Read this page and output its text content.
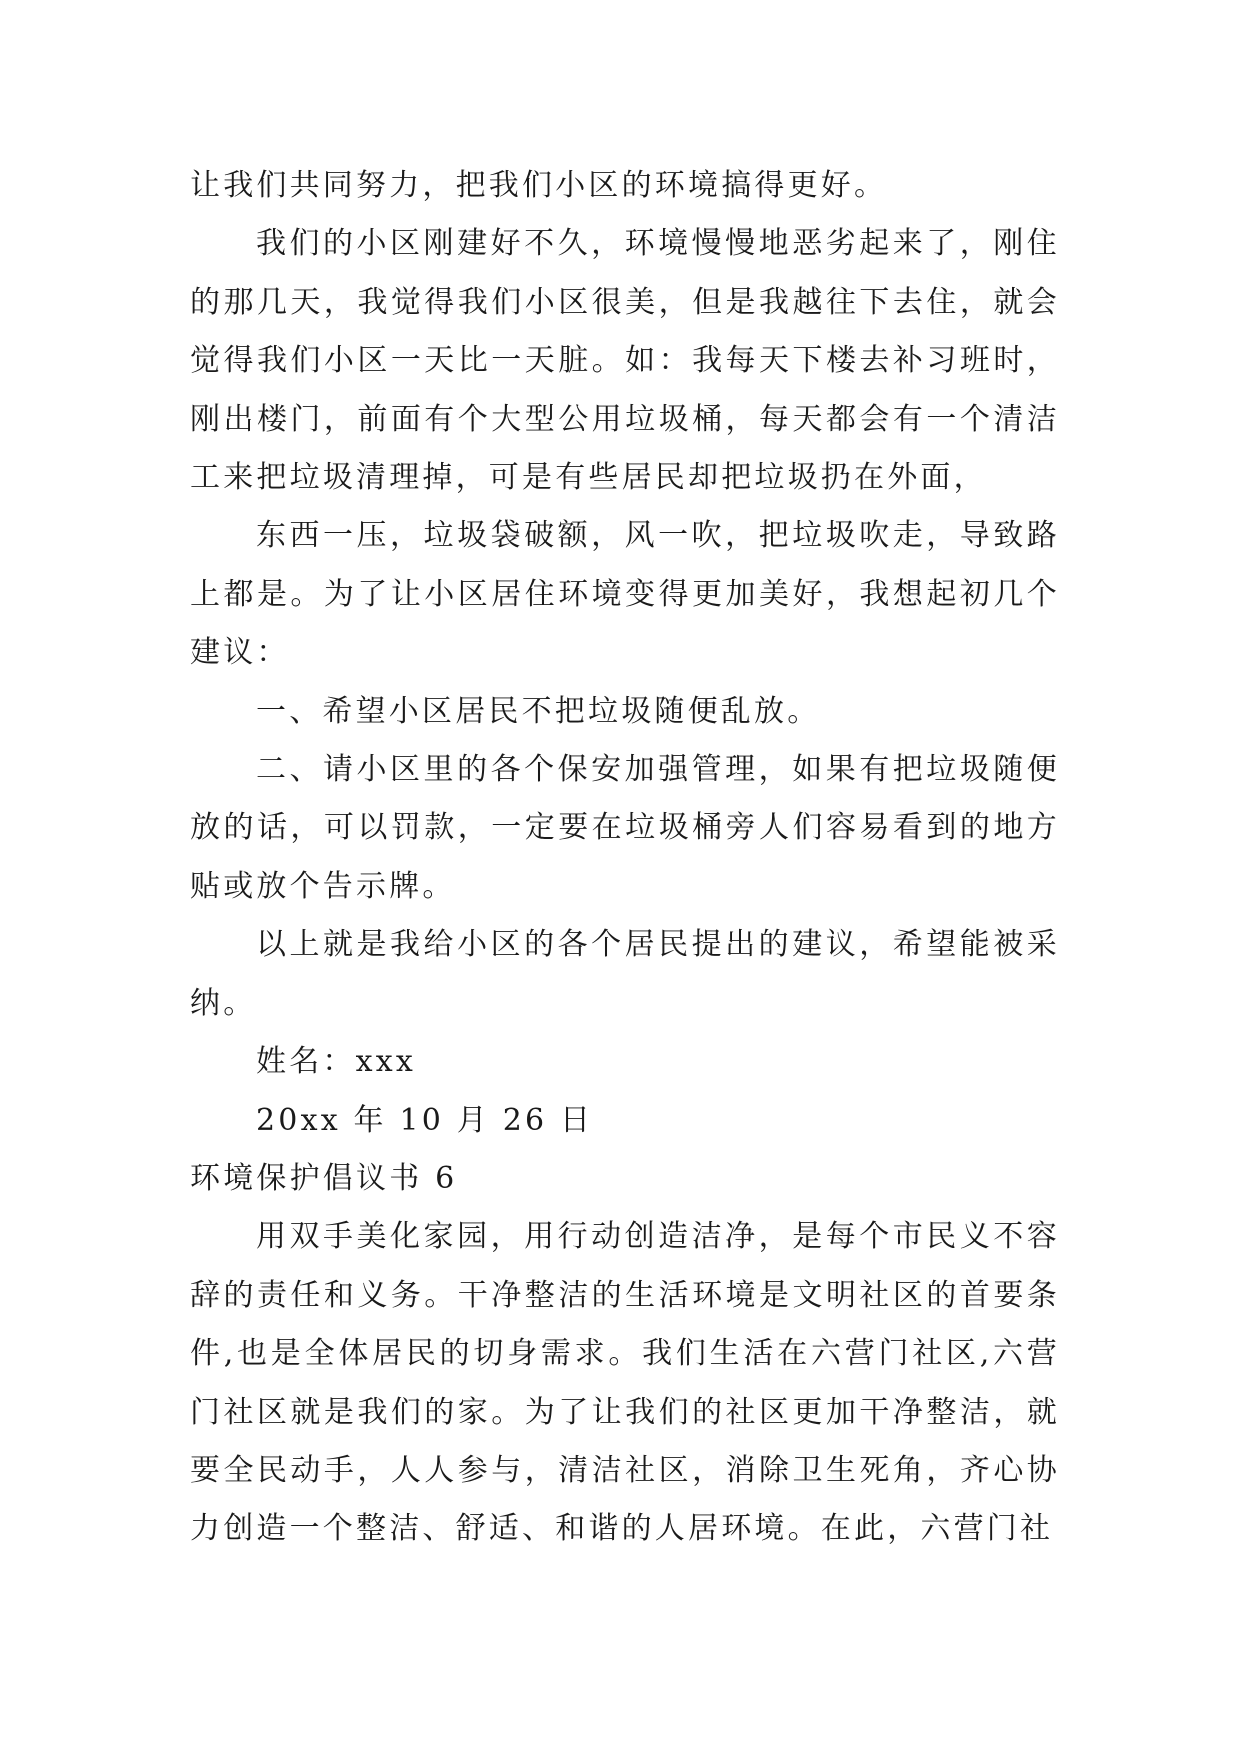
让我们共同努力，把我们小区的环境搞得更好。

我们的小区刚建好不久，环境慢慢地恶劣起来了，刚住的那几天，我觉得我们小区很美，但是我越往下去住，就会觉得我们小区一天比一天脏。如：我每天下楼去补习班时，刚出楼门，前面有个大型公用垃圾桶，每天都会有一个清洁工来把垃圾清理掉，可是有些居民却把垃圾扔在外面，

东西一压，垃圾袋破额，风一吹，把垃圾吹走，导致路上都是。为了让小区居住环境变得更加美好，我想起初几个建议：

一、希望小区居民不把垃圾随便乱放。

二、请小区里的各个保安加强管理，如果有把垃圾随便放的话，可以罚款，一定要在垃圾桶旁人们容易看到的地方贴或放个告示牌。

以上就是我给小区的各个居民提出的建议，希望能被采纳。

姓名：xxx

20xx 年 10 月 26 日

环境保护倡议书 6

用双手美化家园，用行动创造洁净，是每个市民义不容辞的责任和义务。干净整洁的生活环境是文明社区的首要条件,也是全体居民的切身需求。我们生活在六营门社区,六营门社区就是我们的家。为了让我们的社区更加干净整洁，就要全民动手，人人参与，清洁社区，消除卫生死角，齐心协力创造一个整洁、舒适、和谐的人居环境。在此，六营门社
